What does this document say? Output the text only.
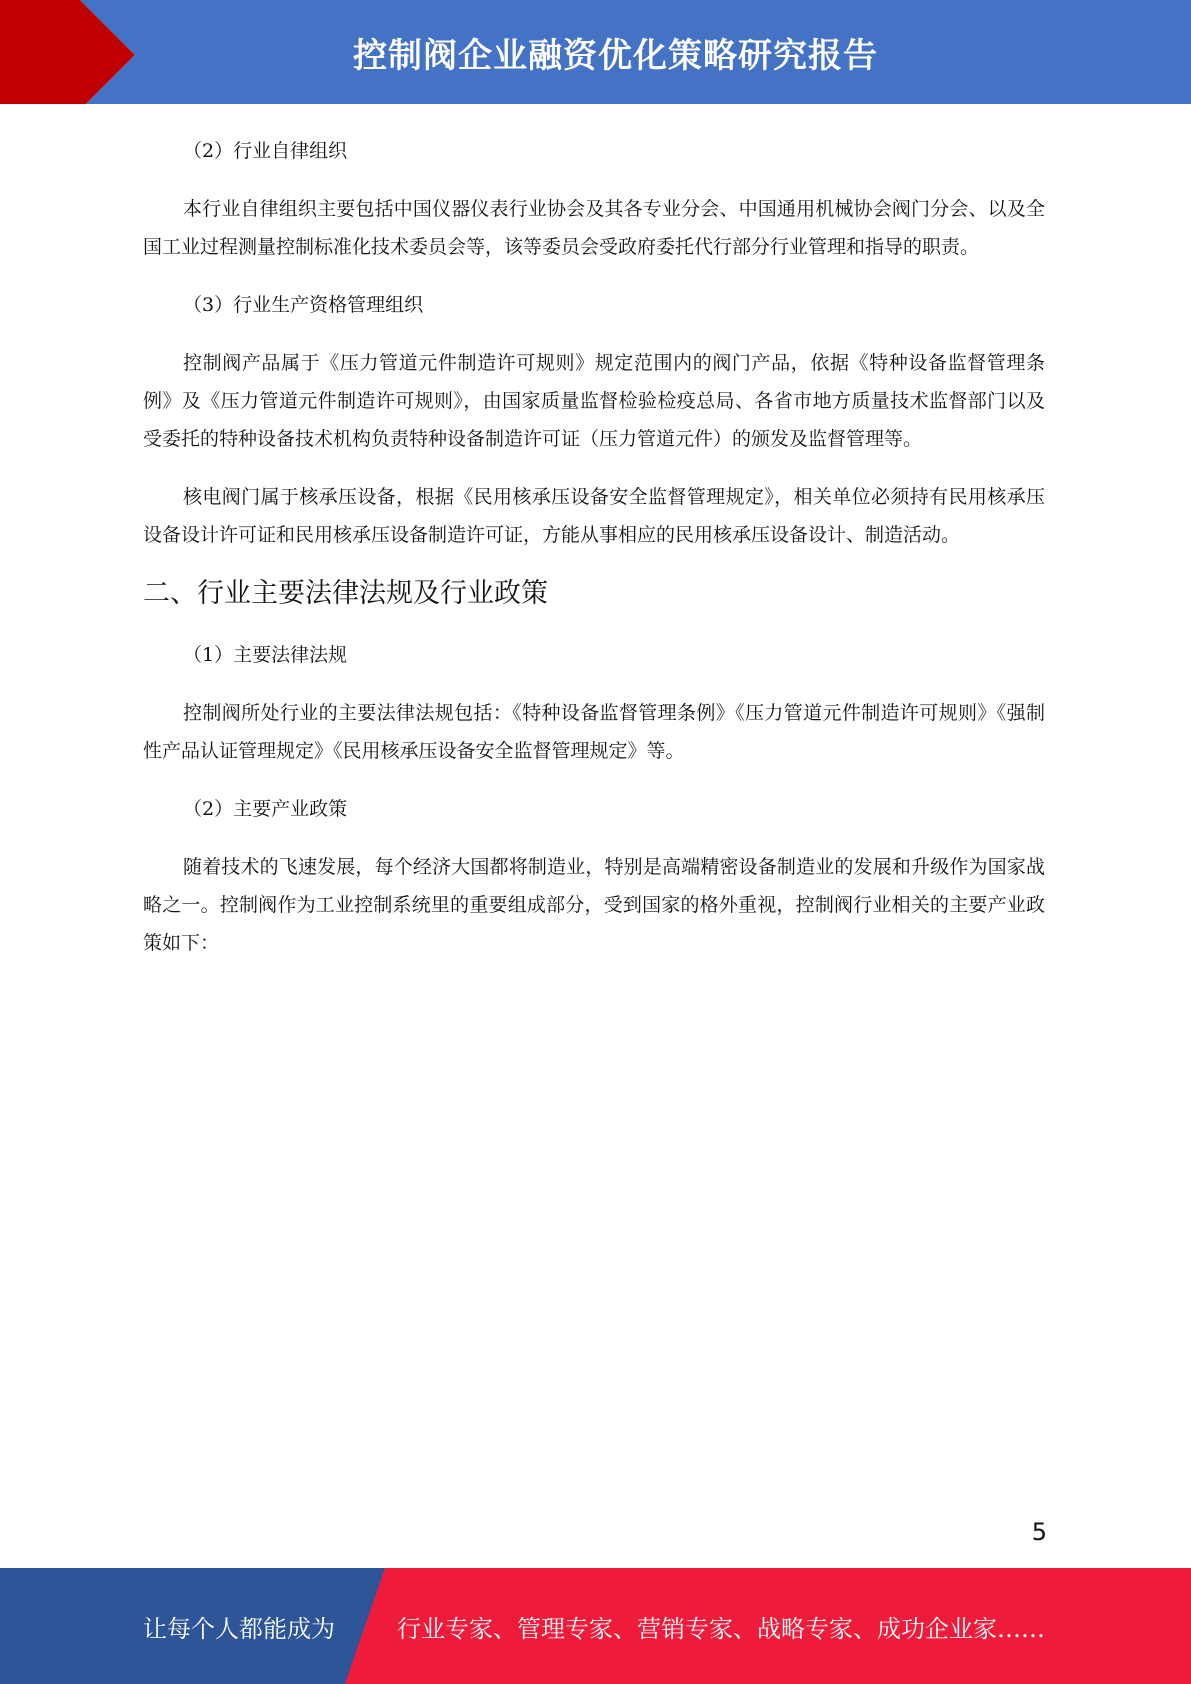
控制阀企业融资优化策略研究报告

（2）行业自律组织

本行业自律组织主要包括中国仪器仪表行业协会及其各专业分会、中国通用机械协会阀门分会、以及全国工业过程测量控制标准化技术委员会等，该等委员会受政府委托代行部分行业管理和指导的职责。

（3）行业生产资格管理组织

控制阀产品属于《压力管道元件制造许可规则》规定范围内的阀门产品，依据《特种设备监督管理条例》及《压力管道元件制造许可规则》，由国家质量监督检验检疫总局、各省市地方质量技术监督部门以及受委托的特种设备技术机构负责特种设备制造许可证（压力管道元件）的颁发及监督管理等。

核电阀门属于核承压设备，根据《民用核承压设备安全监督管理规定》，相关单位必须持有民用核承压设备设计许可证和民用核承压设备制造许可证，方能从事相应的民用核承压设备设计、制造活动。

二、行业主要法律法规及行业政策

（1）主要法律法规

控制阀所处行业的主要法律法规包括：《特种设备监督管理条例》《压力管道元件制造许可规则》《强制性产品认证管理规定》《民用核承压设备安全监督管理规定》等。

（2）主要产业政策

随着技术的飞速发展，每个经济大国都将制造业，特别是高端精密设备制造业的发展和升级作为国家战略之一。控制阀作为工业控制系统里的重要组成部分，受到国家的格外重视，控制阀行业相关的主要产业政策如下：

5
让每个人都能成为	行业专家、管理专家、营销专家、战略专家、成功企业家……
